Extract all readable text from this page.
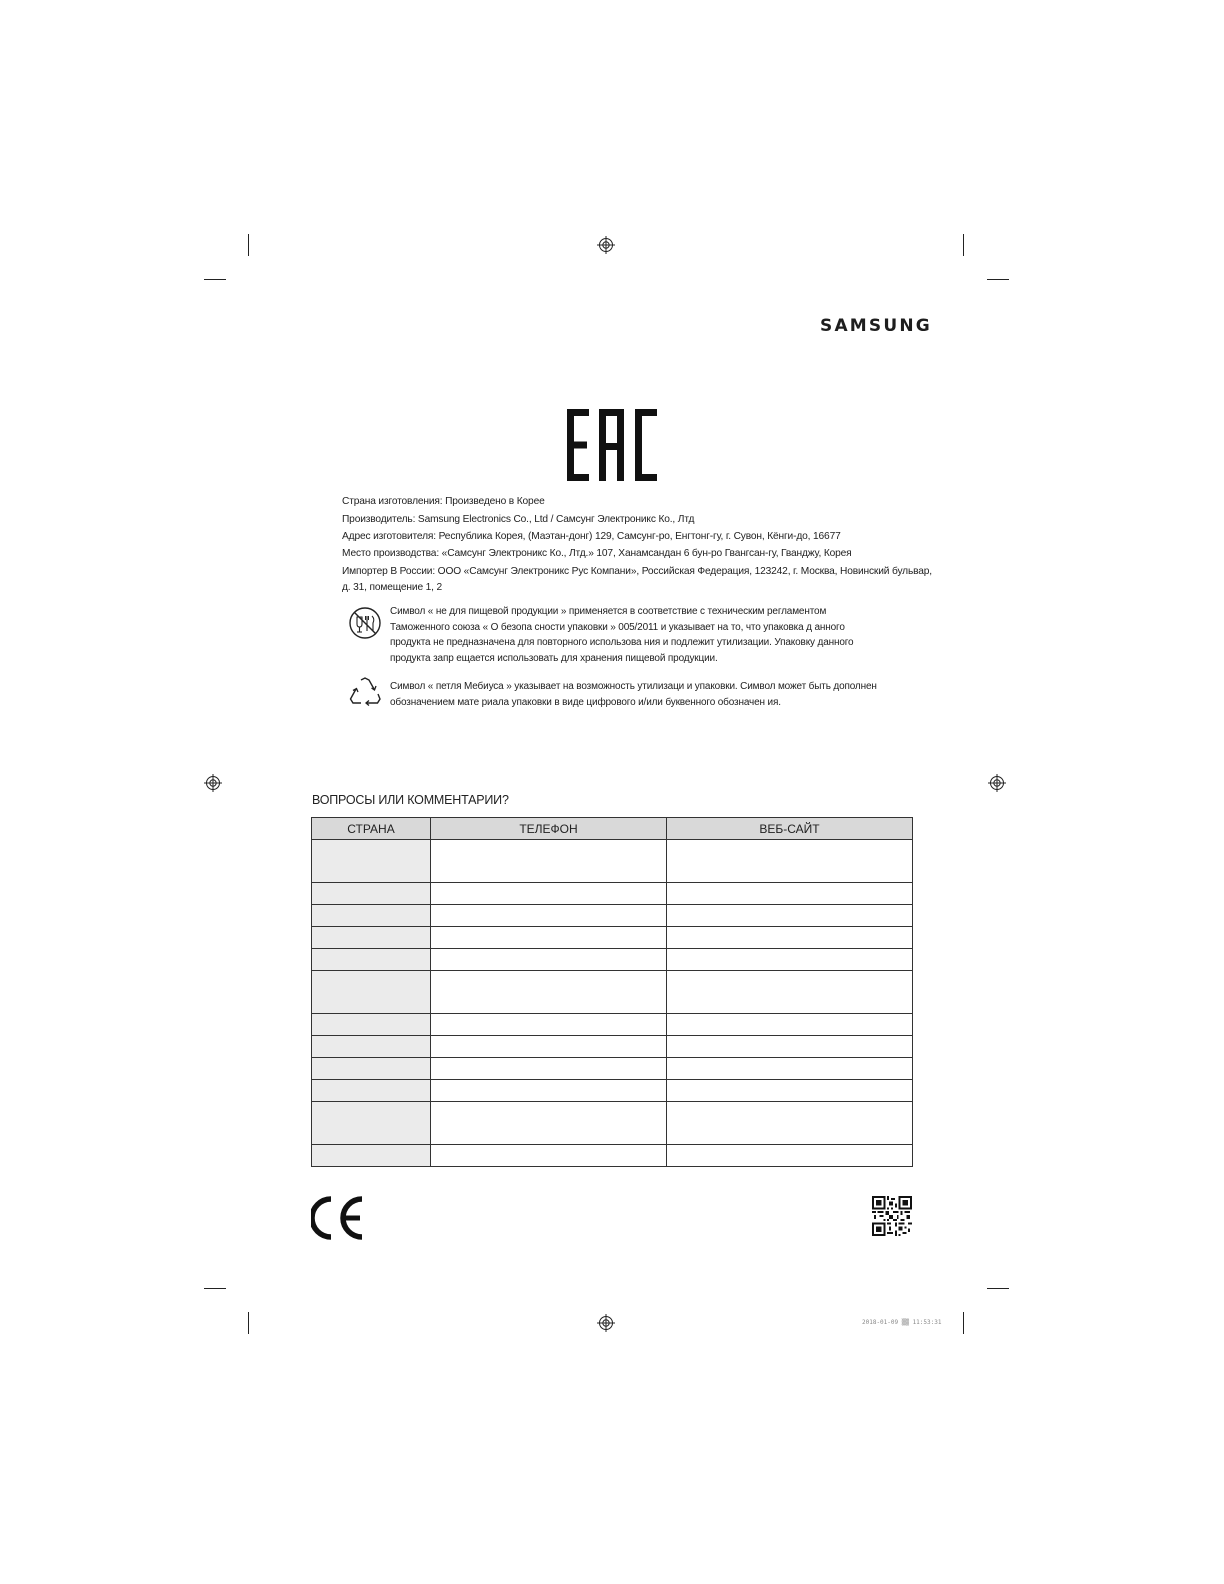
SAMSUNG
Страна изготовления: Произведено в Корее
Производитель: Samsung Electronics Co., Ltd / Самсунг Электроникс Ко., Лтд
Адрес изготовителя: Республика Корея, (Маэтан-донг) 129, Самсунг-ро, Енгтонг-гу, г. Сувон, Кёнги-до, 16677
Место производства: «Самсунг Электроникс Ко., Лтд.» 107, Ханамсандан 6 бун-ро Гвангсан-гу, Гванджу, Корея
Импортер В России: ООО «Самсунг Электроникс Рус Компани», Российская Федерация, 123242, г. Москва, Новинский бульвар,
д. 31, помещение 1, 2
Символ « не для пищевой продукции » применяется в соответствие с техническим регламентом Таможенного союза « О безопа сности упаковки » 005/2011 и указывает на то, что упаковка д анного продукта не предназначена для повторного использова ния и подлежит утилизации. Упаковку данного продукта запр ещается использовать для хранения пищевой продукции.
Символ « петля Мебиуса » указывает на возможность утилизаци и упаковки. Символ может быть дополнен обозначением мате риала упаковки в виде цифрового и/или буквенного обозначен ия.
ВОПРОСЫ ИЛИ КОММЕНТАРИИ?
СТРАНА	ТЕЛЕФОН	ВЕБ-САЙТ

2018-01-09 ▒▒ 11:53:31
